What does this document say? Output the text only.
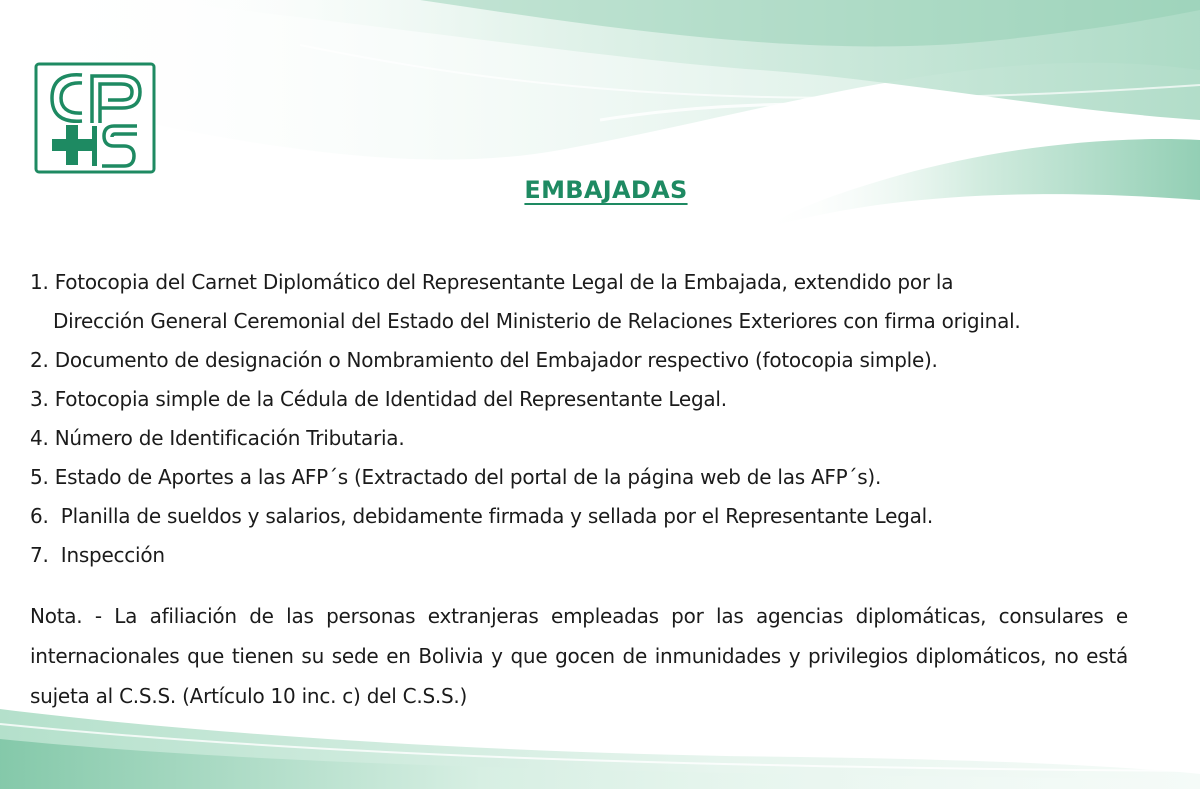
EMBAJADAS
1. Fotocopia del Carnet Diplomático del Representante Legal de la Embajada, extendido por la
Dirección General Ceremonial del Estado del Ministerio de Relaciones Exteriores con firma original.
2. Documento de designación o Nombramiento del Embajador respectivo (fotocopia simple).
3. Fotocopia simple de la Cédula de Identidad del Representante Legal.
4. Número de Identificación Tributaria.
5. Estado de Aportes a las AFP´s (Extractado del portal de la página web de las AFP´s).
6.  Planilla de sueldos y salarios, debidamente firmada y sellada por el Representante Legal.
7.  Inspección

Nota. - La afiliación de las personas extranjeras empleadas por las agencias diplomáticas, consulares e internacionales que tienen su sede en Bolivia y que gocen de inmunidades y privilegios diplomáticos, no está sujeta al C.S.S. (Artículo 10 inc. c) del C.S.S.)
